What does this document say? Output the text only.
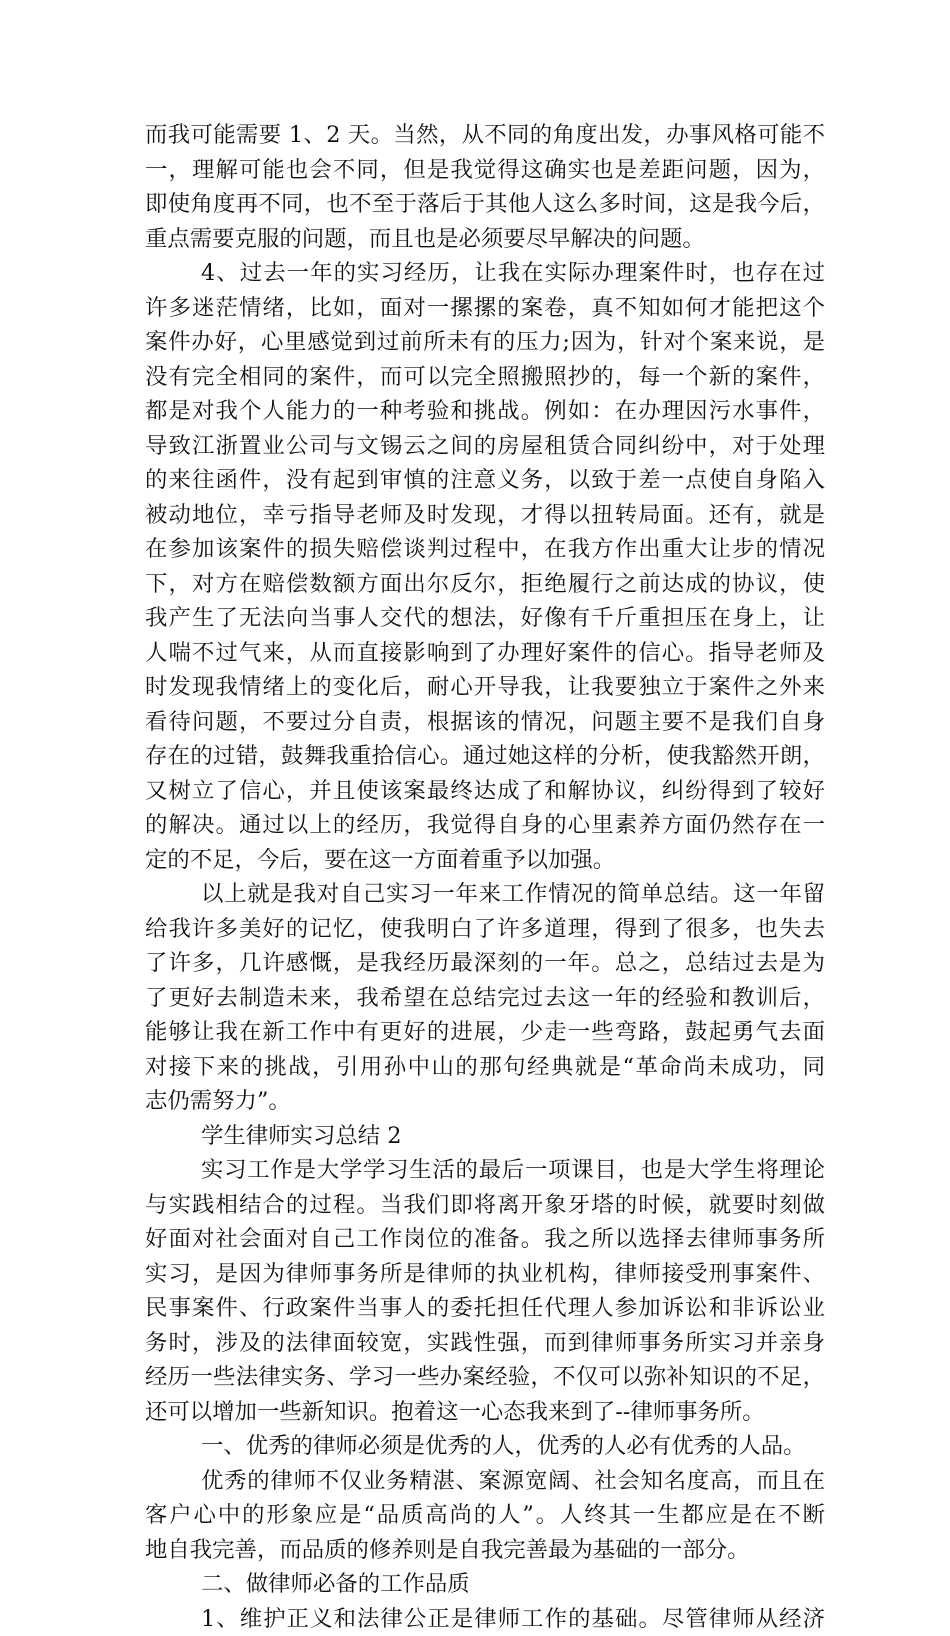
而我可能需要 1、2 天。当然，从不同的角度出发，办事风格可能不
一，理解可能也会不同，但是我觉得这确实也是差距问题，因为，
即使角度再不同，也不至于落后于其他人这么多时间，这是我今后，
重点需要克服的问题，而且也是必须要尽早解决的问题。
4、过去一年的实习经历，让我在实际办理案件时，也存在过
许多迷茫情绪，比如，面对一摞摞的案卷，真不知如何才能把这个
案件办好，心里感觉到过前所未有的压力;因为，针对个案来说，是
没有完全相同的案件，而可以完全照搬照抄的，每一个新的案件，
都是对我个人能力的一种考验和挑战。例如：在办理因污水事件，
导致江浙置业公司与文锡云之间的房屋租赁合同纠纷中，对于处理
的来往函件，没有起到审慎的注意义务，以致于差一点使自身陷入
被动地位，幸亏指导老师及时发现，才得以扭转局面。还有，就是
在参加该案件的损失赔偿谈判过程中，在我方作出重大让步的情况
下，对方在赔偿数额方面出尔反尔，拒绝履行之前达成的协议，使
我产生了无法向当事人交代的想法，好像有千斤重担压在身上，让
人喘不过气来，从而直接影响到了办理好案件的信心。指导老师及
时发现我情绪上的变化后，耐心开导我，让我要独立于案件之外来
看待问题，不要过分自责，根据该的情况，问题主要不是我们自身
存在的过错，鼓舞我重拾信心。通过她这样的分析，使我豁然开朗，
又树立了信心，并且使该案最终达成了和解协议，纠纷得到了较好
的解决。通过以上的经历，我觉得自身的心里素养方面仍然存在一
定的不足，今后，要在这一方面着重予以加强。
以上就是我对自己实习一年来工作情况的简单总结。这一年留
给我许多美好的记忆，使我明白了许多道理，得到了很多，也失去
了许多，几许感慨，是我经历最深刻的一年。总之，总结过去是为
了更好去制造未来，我希望在总结完过去这一年的经验和教训后，
能够让我在新工作中有更好的进展，少走一些弯路，鼓起勇气去面
对接下来的挑战，引用孙中山的那句经典就是“革命尚未成功，同
志仍需努力”。
学生律师实习总结 2
实习工作是大学学习生活的最后一项课目，也是大学生将理论
与实践相结合的过程。当我们即将离开象牙塔的时候，就要时刻做
好面对社会面对自己工作岗位的准备。我之所以选择去律师事务所
实习，是因为律师事务所是律师的执业机构，律师接受刑事案件、
民事案件、行政案件当事人的委托担任代理人参加诉讼和非诉讼业
务时，涉及的法律面较宽，实践性强，而到律师事务所实习并亲身
经历一些法律实务、学习一些办案经验，不仅可以弥补知识的不足，
还可以增加一些新知识。抱着这一心态我来到了--律师事务所。
一、优秀的律师必须是优秀的人，优秀的人必有优秀的人品。
优秀的律师不仅业务精湛、案源宽阔、社会知名度高，而且在
客户心中的形象应是“品质高尚的人”。人终其一生都应是在不断
地自我完善，而品质的修养则是自我完善最为基础的一部分。
二、做律师必备的工作品质
1、维护正义和法律公正是律师工作的基础。尽管律师从经济
